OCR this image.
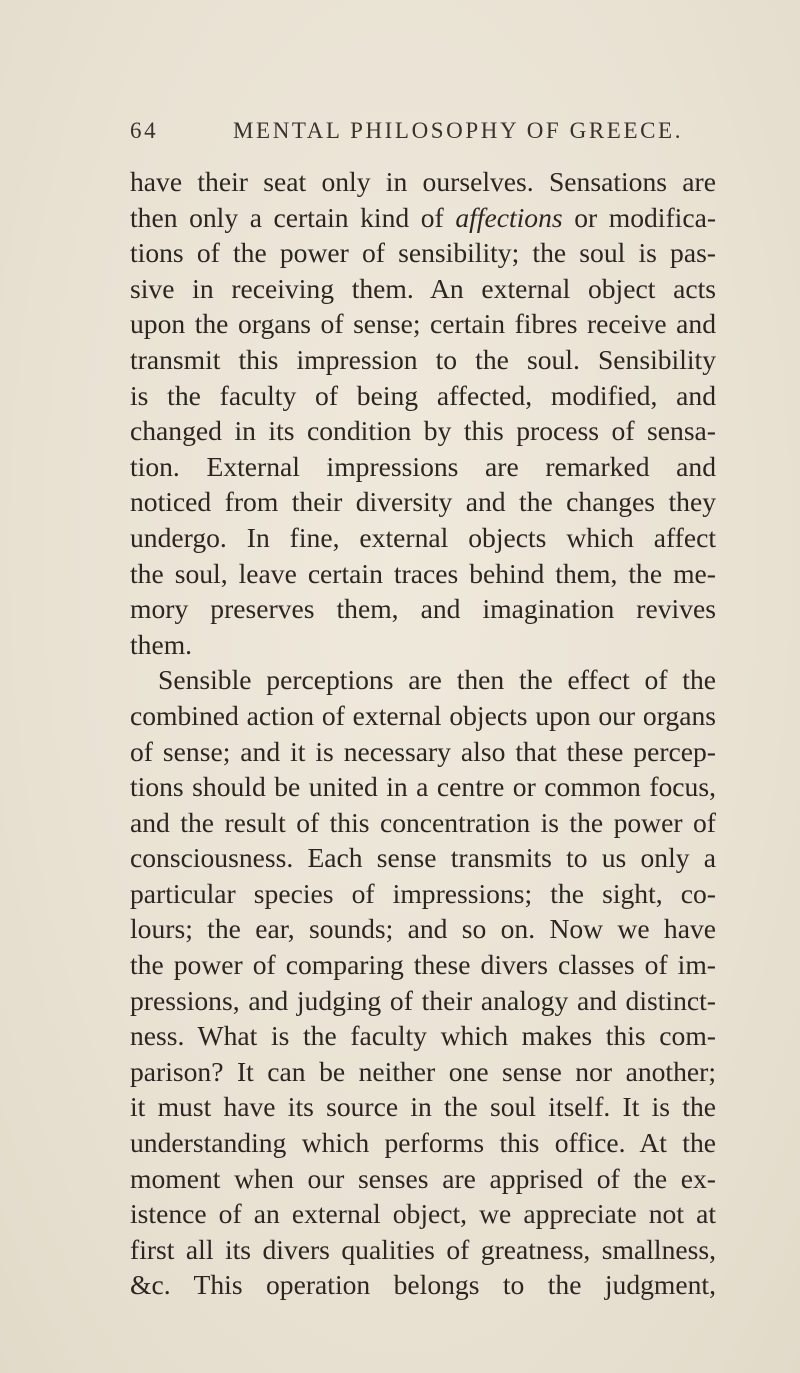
64	MENTAL PHILOSOPHY OF GREECE.
have their seat only in ourselves. Sensations are
then only a certain kind of affections or modifica-
tions of the power of sensibility; the soul is pas-
sive in receiving them. An external object acts
upon the organs of sense; certain fibres receive and
transmit this impression to the soul. Sensibility
is the faculty of being affected, modified, and
changed in its condition by this process of sensa-
tion. External impressions are remarked and
noticed from their diversity and the changes they
undergo. In fine, external objects which affect
the soul, leave certain traces behind them, the me-
mory preserves them, and imagination revives
them.
Sensible perceptions are then the effect of the
combined action of external objects upon our organs
of sense; and it is necessary also that these percep-
tions should be united in a centre or common focus,
and the result of this concentration is the power of
consciousness. Each sense transmits to us only a
particular species of impressions; the sight, co-
lours; the ear, sounds; and so on. Now we have
the power of comparing these divers classes of im-
pressions, and judging of their analogy and distinct-
ness. What is the faculty which makes this com-
parison? It can be neither one sense nor another;
it must have its source in the soul itself. It is the
understanding which performs this office. At the
moment when our senses are apprised of the ex-
istence of an external object, we appreciate not at
first all its divers qualities of greatness, smallness,
&c. This operation belongs to the judgment,
